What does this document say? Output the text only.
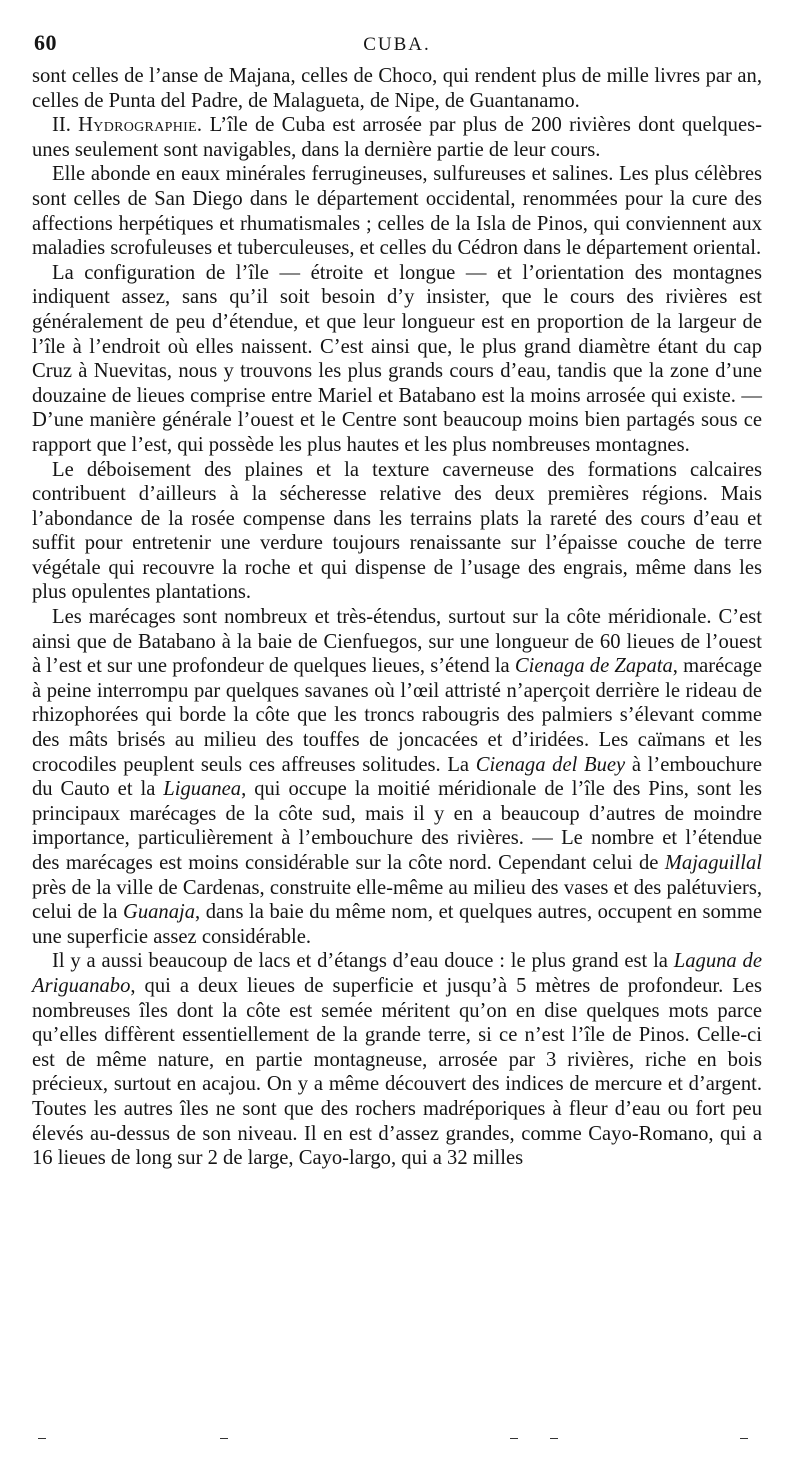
60	CUBA.

sont celles de l’anse de Majana, celles de Choco, qui rendent plus de mille livres par an, celles de Punta del Padre, de Malagueta, de Nipe, de Guantanamo.

II. Hydrographie. L’île de Cuba est arrosée par plus de 200 rivières dont quelques-unes seulement sont navigables, dans la dernière partie de leur cours.

Elle abonde en eaux minérales ferrugineuses, sulfureuses et salines. Les plus célèbres sont celles de San Diego dans le département occidental, renommées pour la cure des affections herpétiques et rhumatismales ; celles de la Isla de Pinos, qui conviennent aux maladies scrofuleuses et tuberculeuses, et celles du Cédron dans le département oriental.

La configuration de l’île — étroite et longue — et l’orientation des montagnes indiquent assez, sans qu’il soit besoin d’y insister, que le cours des rivières est généralement de peu d’étendue, et que leur longueur est en proportion de la largeur de l’île à l’endroit où elles naissent. C’est ainsi que, le plus grand diamètre étant du cap Cruz à Nuevitas, nous y trouvons les plus grands cours d’eau, tandis que la zone d’une douzaine de lieues comprise entre Mariel et Batabano est la moins arrosée qui existe. — D’une manière générale l’ouest et le Centre sont beaucoup moins bien partagés sous ce rapport que l’est, qui possède les plus hautes et les plus nombreuses montagnes.

Le déboisement des plaines et la texture caverneuse des formations calcaires contribuent d’ailleurs à la sécheresse relative des deux premières régions. Mais l’abondance de la rosée compense dans les terrains plats la rareté des cours d’eau et suffit pour entretenir une verdure toujours renaissante sur l’épaisse couche de terre végétale qui recouvre la roche et qui dispense de l’usage des engrais, même dans les plus opulentes plantations.

Les marécages sont nombreux et très-étendus, surtout sur la côte méridionale. C’est ainsi que de Batabano à la baie de Cienfuegos, sur une longueur de 60 lieues de l’ouest à l’est et sur une profondeur de quelques lieues, s’étend la Cienaga de Zapata, marécage à peine interrompu par quelques savanes où l’œil attristé n’aperçoit derrière le rideau de rhizophorées qui borde la côte que les troncs rabougris des palmiers s’élevant comme des mâts brisés au milieu des touffes de joncacées et d’iridées. Les caïmans et les crocodiles peuplent seuls ces affreuses solitudes. La Cienaga del Buey à l’embouchure du Cauto et la Liguanea, qui occupe la moitié méridionale de l’île des Pins, sont les principaux marécages de la côte sud, mais il y en a beaucoup d’autres de moindre importance, particulièrement à l’embouchure des rivières. — Le nombre et l’étendue des marécages est moins considérable sur la côte nord. Cependant celui de Majaguillal près de la ville de Cardenas, construite elle-même au milieu des vases et des palétuviers, celui de la Guanaja, dans la baie du même nom, et quelques autres, occupent en somme une superficie assez considérable.

Il y a aussi beaucoup de lacs et d’étangs d’eau douce : le plus grand est la Laguna de Ariguanabo, qui a deux lieues de superficie et jusqu’à 5 mètres de profondeur. Les nombreuses îles dont la côte est semée méritent qu’on en dise quelques mots parce qu’elles diffèrent essentiellement de la grande terre, si ce n’est l’île de Pinos. Celle-ci est de même nature, en partie montagneuse, arrosée par 3 rivières, riche en bois précieux, surtout en acajou. On y a même découvert des indices de mercure et d’argent. Toutes les autres îles ne sont que des rochers madréporiques à fleur d’eau ou fort peu élevés au-dessus de son niveau. Il en est d’assez grandes, comme Cayo-Romano, qui a 16 lieues de long sur 2 de large, Cayo-largo, qui a 32 milles
